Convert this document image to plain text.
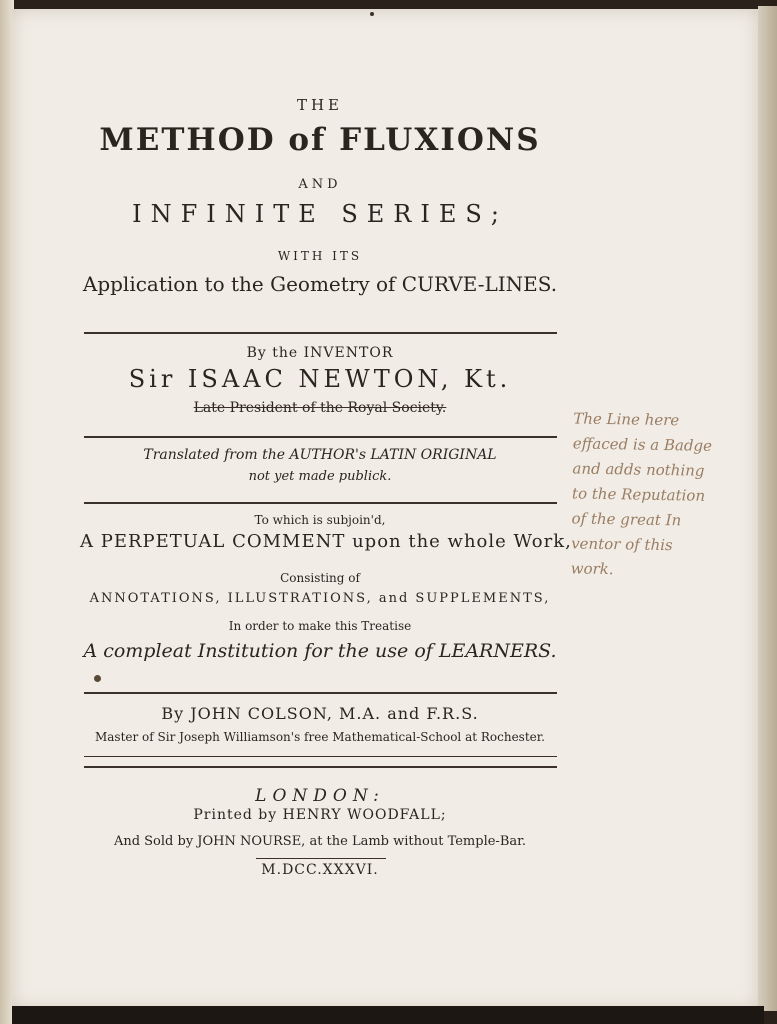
THE

METHOD of FLUXIONS

AND

INFINITE SERIES;

WITH ITS

Application to the Geometry of CURVE-LINES.

By the INVENTOR

Sir ISAAC NEWTON, Kt.

Late President of the Royal Society.

Translated from the AUTHOR's LATIN ORIGINAL

not yet made publick.

To which is subjoin'd,

A PERPETUAL COMMENT upon the whole Work,

Consisting of

ANNOTATIONS, ILLUSTRATIONS, and SUPPLEMENTS,

In order to make this Treatise

A compleat Institution for the use of LEARNERS.

By JOHN COLSON, M.A. and F.R.S.

Master of Sir Joseph Williamson's free Mathematical-School at Rochester.

LONDON:

Printed by HENRY WOODFALL;

And Sold by JOHN NOURSE, at the Lamb without Temple-Bar.

M.DCC.XXXVI.

The Line here
effaced is a Badge
and adds nothing
to the Reputation
of the great In
ventor of this
work.
